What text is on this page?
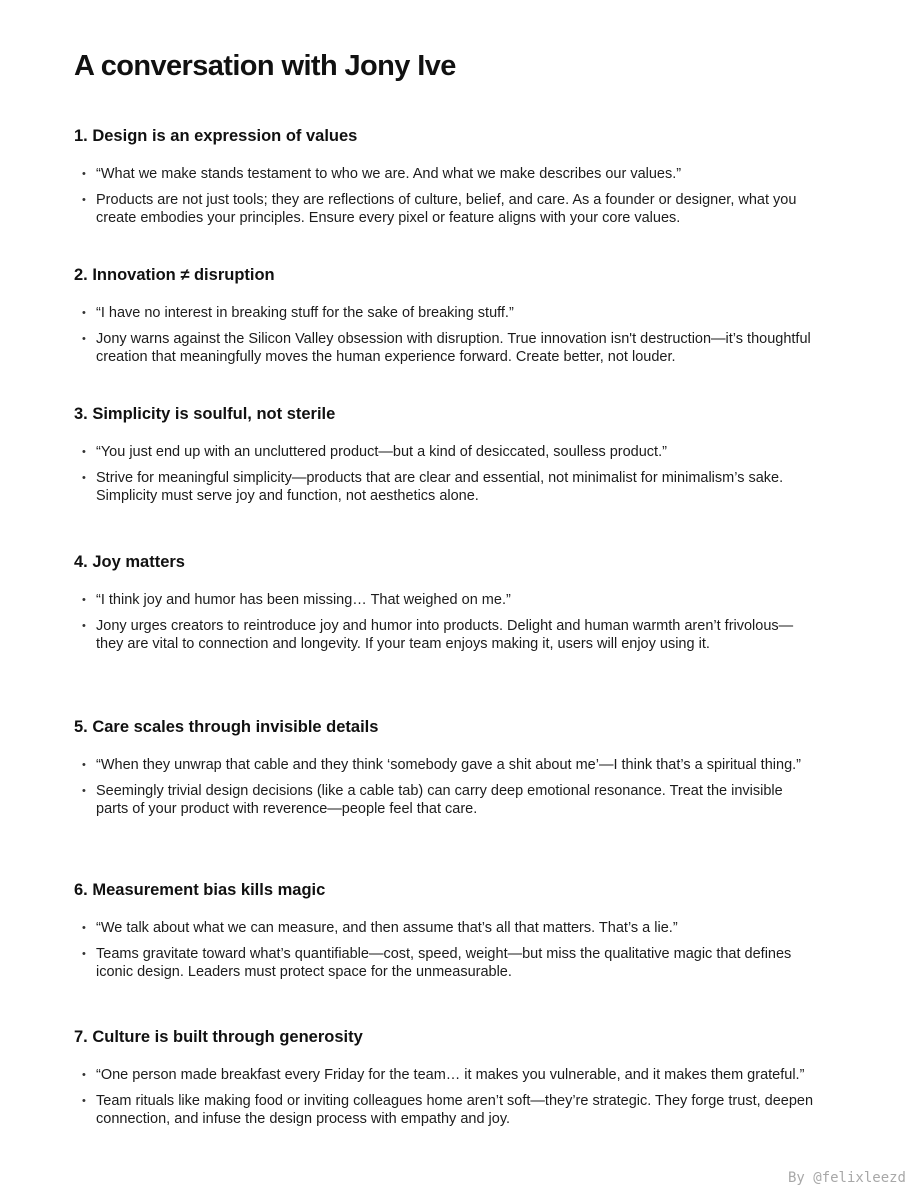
A conversation with Jony Ive
1. Design is an expression of values
• “What we make stands testament to who we are. And what we make describes our values.”
• Products are not just tools; they are reflections of culture, belief, and care. As a founder or designer, what you create embodies your principles. Ensure every pixel or feature aligns with your core values.
2. Innovation ≠ disruption
• “I have no interest in breaking stuff for the sake of breaking stuff.”
• Jony warns against the Silicon Valley obsession with disruption. True innovation isn't destruction—it’s thoughtful creation that meaningfully moves the human experience forward. Create better, not louder.
3. Simplicity is soulful, not sterile
• “You just end up with an uncluttered product—but a kind of desiccated, soulless product.”
• Strive for meaningful simplicity—products that are clear and essential, not minimalist for minimalism’s sake. Simplicity must serve joy and function, not aesthetics alone.
4. Joy matters
• “I think joy and humor has been missing… That weighed on me.”
• Jony urges creators to reintroduce joy and humor into products. Delight and human warmth aren’t frivolous—they are vital to connection and longevity. If your team enjoys making it, users will enjoy using it.
5. Care scales through invisible details
• “When they unwrap that cable and they think ‘somebody gave a shit about me’—I think that’s a spiritual thing.”
• Seemingly trivial design decisions (like a cable tab) can carry deep emotional resonance. Treat the invisible parts of your product with reverence—people feel that care.
6. Measurement bias kills magic
• “We talk about what we can measure, and then assume that’s all that matters. That’s a lie.”
• Teams gravitate toward what’s quantifiable—cost, speed, weight—but miss the qualitative magic that defines iconic design. Leaders must protect space for the unmeasurable.
7. Culture is built through generosity
• “One person made breakfast every Friday for the team… it makes you vulnerable, and it makes them grateful.”
• Team rituals like making food or inviting colleagues home aren’t soft—they’re strategic. They forge trust, deepen connection, and infuse the design process with empathy and joy.
By @felixleezd
